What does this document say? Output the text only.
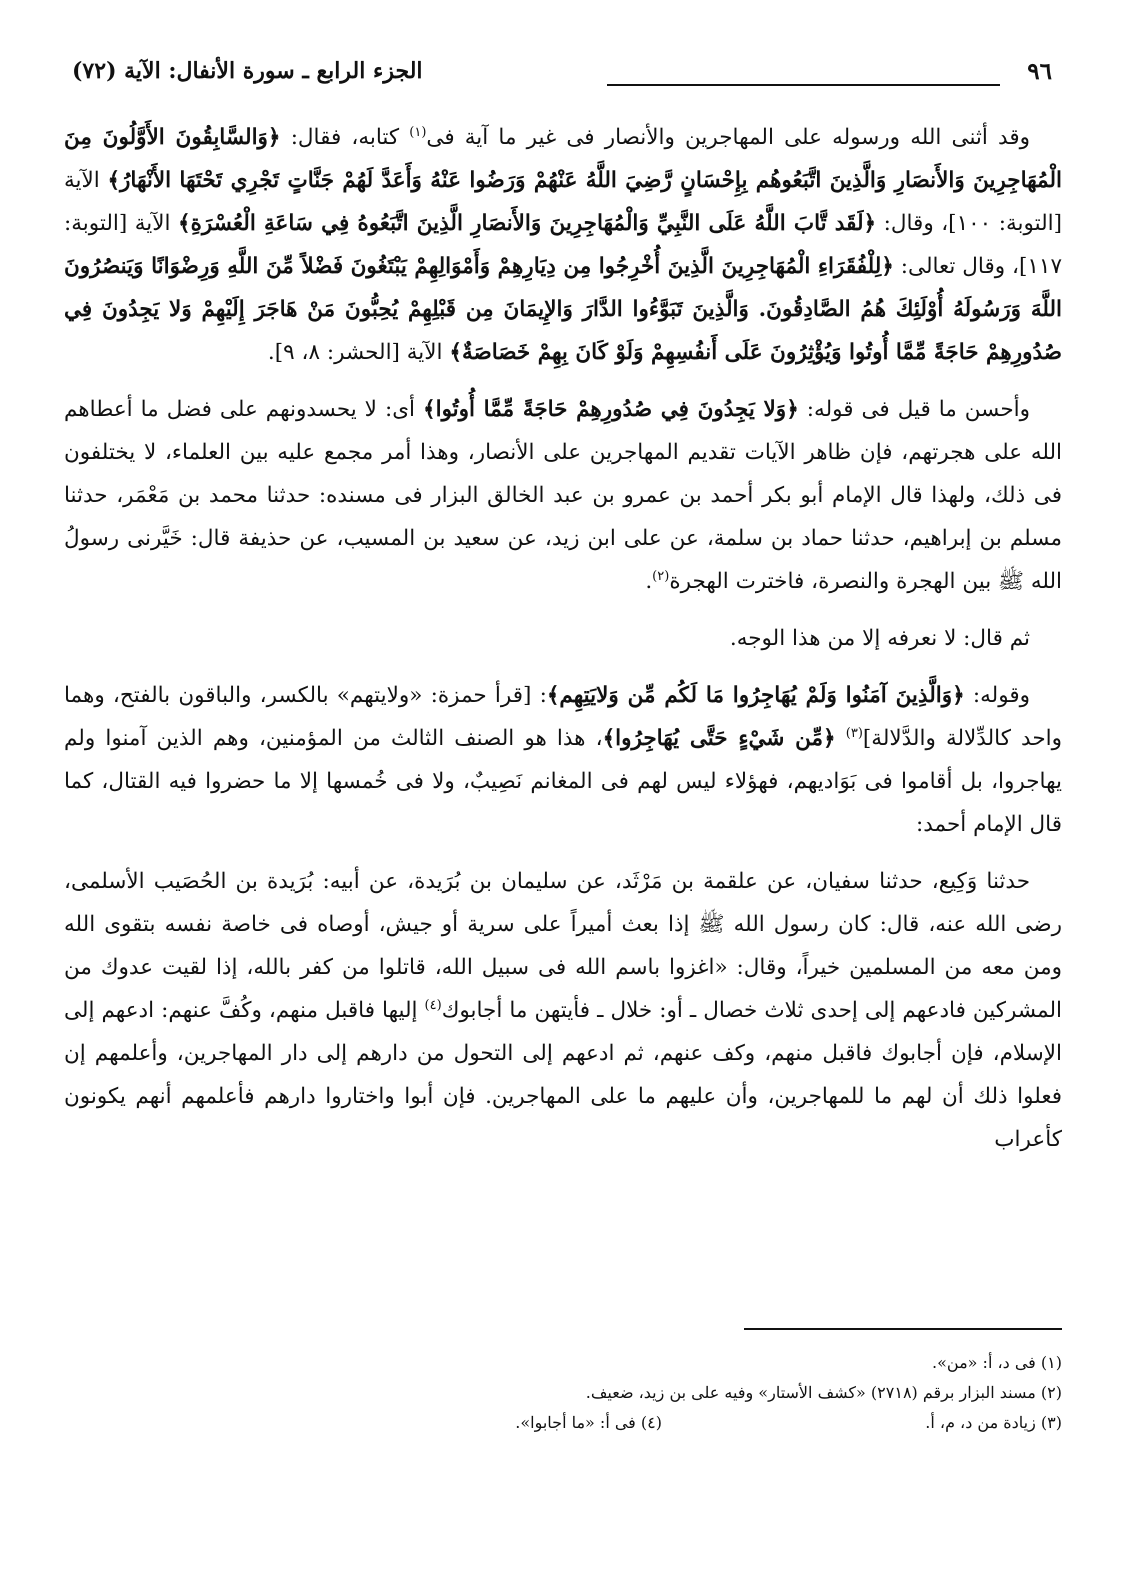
٩٦
الجزء الرابع ـ سورة الأنفال: الآية (٧٢)

وقد أثنى الله ورسوله على المهاجرين والأنصار فى غير ما آية فى$^{(١)}$ كتابه، فقال: ﴿وَالسَّابِقُونَ الأَوَّلُونَ مِنَ الْمُهَاجِرِينَ وَالأَنصَارِ وَالَّذِينَ اتَّبَعُوهُم بِإِحْسَانٍ رَّضِيَ اللَّهُ عَنْهُمْ وَرَضُوا عَنْهُ وَأَعَدَّ لَهُمْ جَنَّاتٍ تَجْرِي تَحْتَهَا الأَنْهَارُ﴾ الآية [التوبة: ١٠٠]، وقال: ﴿لَقَد تَّابَ اللَّهُ عَلَى النَّبِيِّ وَالْمُهَاجِرِينَ وَالأَنصَارِ الَّذِينَ اتَّبَعُوهُ فِي سَاعَةِ الْعُسْرَةِ﴾ الآية [التوبة: ١١٧]، وقال تعالى: ﴿لِلْفُقَرَاءِ الْمُهَاجِرِينَ الَّذِينَ أُخْرِجُوا مِن دِيَارِهِمْ وَأَمْوَالِهِمْ يَبْتَغُونَ فَضْلاً مِّنَ اللَّهِ وَرِضْوَانًا وَيَنصُرُونَ اللَّهَ وَرَسُولَهُ أُوْلَئِكَ هُمُ الصَّادِقُونَ. وَالَّذِينَ تَبَوَّءُوا الدَّارَ وَالإِيمَانَ مِن قَبْلِهِمْ يُحِبُّونَ مَنْ هَاجَرَ إِلَيْهِمْ وَلا يَجِدُونَ فِي صُدُورِهِمْ حَاجَةً مِّمَّا أُوتُوا وَيُؤْثِرُونَ عَلَى أَنفُسِهِمْ وَلَوْ كَانَ بِهِمْ خَصَاصَةٌ﴾ الآية [الحشر: ٨، ٩].

وأحسن ما قيل فى قوله: ﴿وَلا يَجِدُونَ فِي صُدُورِهِمْ حَاجَةً مِّمَّا أُوتُوا﴾ أى: لا يحسدونهم على فضل ما أعطاهم الله على هجرتهم، فإن ظاهر الآيات تقديم المهاجرين على الأنصار، وهذا أمر مجمع عليه بين العلماء، لا يختلفون فى ذلك، ولهذا قال الإمام أبو بكر أحمد بن عمرو بن عبد الخالق البزار فى مسنده: حدثنا محمد بن مَعْمَر، حدثنا مسلم بن إبراهيم، حدثنا حماد بن سلمة، عن على ابن زيد، عن سعيد بن المسيب، عن حذيفة قال: خَيَّرنى رسولُ الله ﷺ بين الهجرة والنصرة، فاخترت الهجرة$^{(٢)}$.

ثم قال: لا نعرفه إلا من هذا الوجه.

وقوله: ﴿وَالَّذِينَ آمَنُوا وَلَمْ يُهَاجِرُوا مَا لَكُم مِّن وَلايَتِهِم﴾: [قرأ حمزة: «ولايتهم» بالكسر، والباقون بالفتح، وهما واحد كالدِّلالة والدَّلالة]$^{(٣)}$ ﴿مِّن شَيْءٍ حَتَّى يُهَاجِرُوا﴾، هذا هو الصنف الثالث من المؤمنين، وهم الذين آمنوا ولم يهاجروا، بل أقاموا فى بَوَاديهم، فهؤلاء ليس لهم فى المغانم نَصِيبٌ، ولا فى خُمسها إلا ما حضروا فيه القتال، كما قال الإمام أحمد:

حدثنا وَكِيع، حدثنا سفيان، عن علقمة بن مَرْثَد، عن سليمان بن بُرَيدة، عن أبيه: بُرَيدة بن الحُصَيب الأسلمى، رضى الله عنه، قال: كان رسول الله ﷺ إذا بعث أميراً على سرية أو جيش، أوصاه فى خاصة نفسه بتقوى الله ومن معه من المسلمين خيراً، وقال: «اغزوا باسم الله فى سبيل الله، قاتلوا من كفر بالله، إذا لقيت عدوك من المشركين فادعهم إلى إحدى ثلاث خصال ـ أو: خلال ـ فأيتهن ما أجابوك$^{(٤)}$ إليها فاقبل منهم، وكُفَّ عنهم: ادعهم إلى الإسلام، فإن أجابوك فاقبل منهم، وكف عنهم، ثم ادعهم إلى التحول من دارهم إلى دار المهاجرين، وأعلمهم إن فعلوا ذلك أن لهم ما للمهاجرين، وأن عليهم ما على المهاجرين. فإن أبوا واختاروا دارهم فأعلمهم أنهم يكونون كأعراب

(١) فى د، أ: «من».
(٢) مسند البزار برقم (٢٧١٨) «كشف الأستار» وفيه على بن زيد، ضعيف.
(٣) زيادة من د، م، أ.
(٤) فى أ: «ما أجابوا».
